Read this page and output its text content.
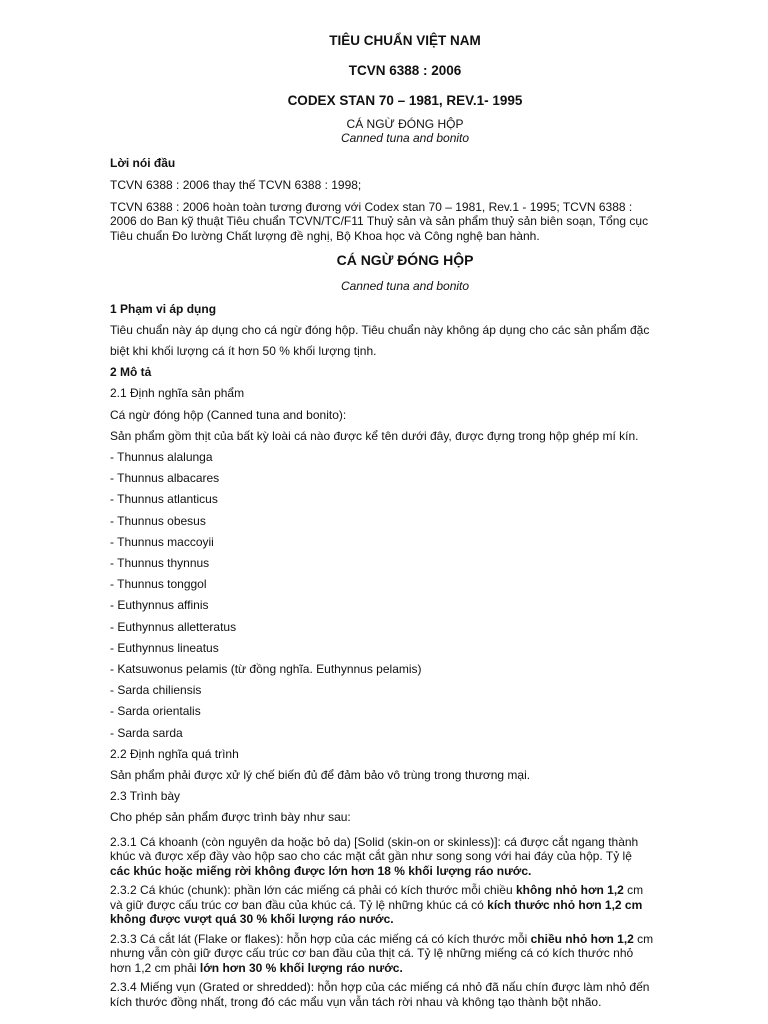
TIÊU CHUẨN VIỆT NAM
TCVN 6388 : 2006
CODEX STAN 70 – 1981, REV.1- 1995
CÁ NGỪ ĐÓNG HỘP
Canned tuna and bonito
Lời nói đầu

TCVN 6388 : 2006 thay thế TCVN 6388 : 1998;

TCVN 6388 : 2006 hoàn toàn tương đương với Codex stan 70 – 1981, Rev.1 - 1995; TCVN 6388 :

2006 do Ban kỹ thuật Tiêu chuẩn TCVN/TC/F11 Thuỷ sản và sản phẩm thuỷ sản biên soạn, Tổng cục

Tiêu chuẩn Đo lường Chất lượng đề nghị, Bộ Khoa học và Công nghệ ban hành.

CÁ NGỪ ĐÓNG HỘP
Canned tuna and bonito

1 Phạm vi áp dụng

Tiêu chuẩn này áp dụng cho cá ngừ đóng hộp. Tiêu chuẩn này không áp dụng cho các sản phẩm đặc

biệt khi khối lượng cá ít hơn 50 % khối lượng tịnh.

2 Mô tả

2.1 Định nghĩa sản phẩm

Cá ngừ đóng hộp (Canned tuna and bonito):

Sản phẩm gồm thịt của bất kỳ loài cá nào được kể tên dưới đây, được đựng trong hộp ghép mí kín.

- Thunnus alalunga

- Thunnus albacares

- Thunnus atlanticus

- Thunnus obesus

- Thunnus maccoyii

- Thunnus thynnus

- Thunnus tonggol

- Euthynnus affinis

- Euthynnus alletteratus

- Euthynnus lineatus

- Katsuwonus pelamis (từ đồng nghĩa. Euthynnus pelamis)

- Sarda chiliensis

- Sarda orientalis

- Sarda sarda

2.2 Định nghĩa quá trình

Sản phẩm phải được xử lý chế biến đủ để đảm bảo vô trùng trong thương mại.

2.3 Trình bày

Cho phép sản phẩm được trình bày như sau:

2.3.1 Cá khoanh (còn nguyên da hoặc bỏ da) [Solid (skin-on or skinless)]: cá được cắt ngang thành

khúc và được xếp đầy vào hộp sao cho các mặt cắt gần như song song với hai đáy của hộp. Tỷ lệ

các khúc hoặc miếng rời không được lớn hơn 18 % khối lượng ráo nước.

2.3.2 Cá khúc (chunk): phần lớn các miếng cá phải có kích thước mỗi chiều không nhỏ hơn 1,2 cm

và giữ được cấu trúc cơ ban đầu của khúc cá. Tỷ lệ những khúc cá có kích thước nhỏ hơn 1,2 cm

không được vượt quá 30 % khối lượng ráo nước.

2.3.3 Cá cắt lát (Flake or flakes): hỗn hợp của các miếng cá có kích thước mỗi chiều nhỏ hơn 1,2 cm

nhưng vẫn còn giữ được cấu trúc cơ ban đầu của thịt cá. Tỷ lệ những miếng cá có kích thước nhỏ

hơn 1,2 cm phải lớn hơn 30 % khối lượng ráo nước.

2.3.4 Miếng vụn (Grated or shredded): hỗn hợp của các miếng cá nhỏ đã nấu chín được làm nhỏ đến

kích thước đồng nhất, trong đó các mẩu vụn vẫn tách rời nhau và không tạo thành bột nhão.
